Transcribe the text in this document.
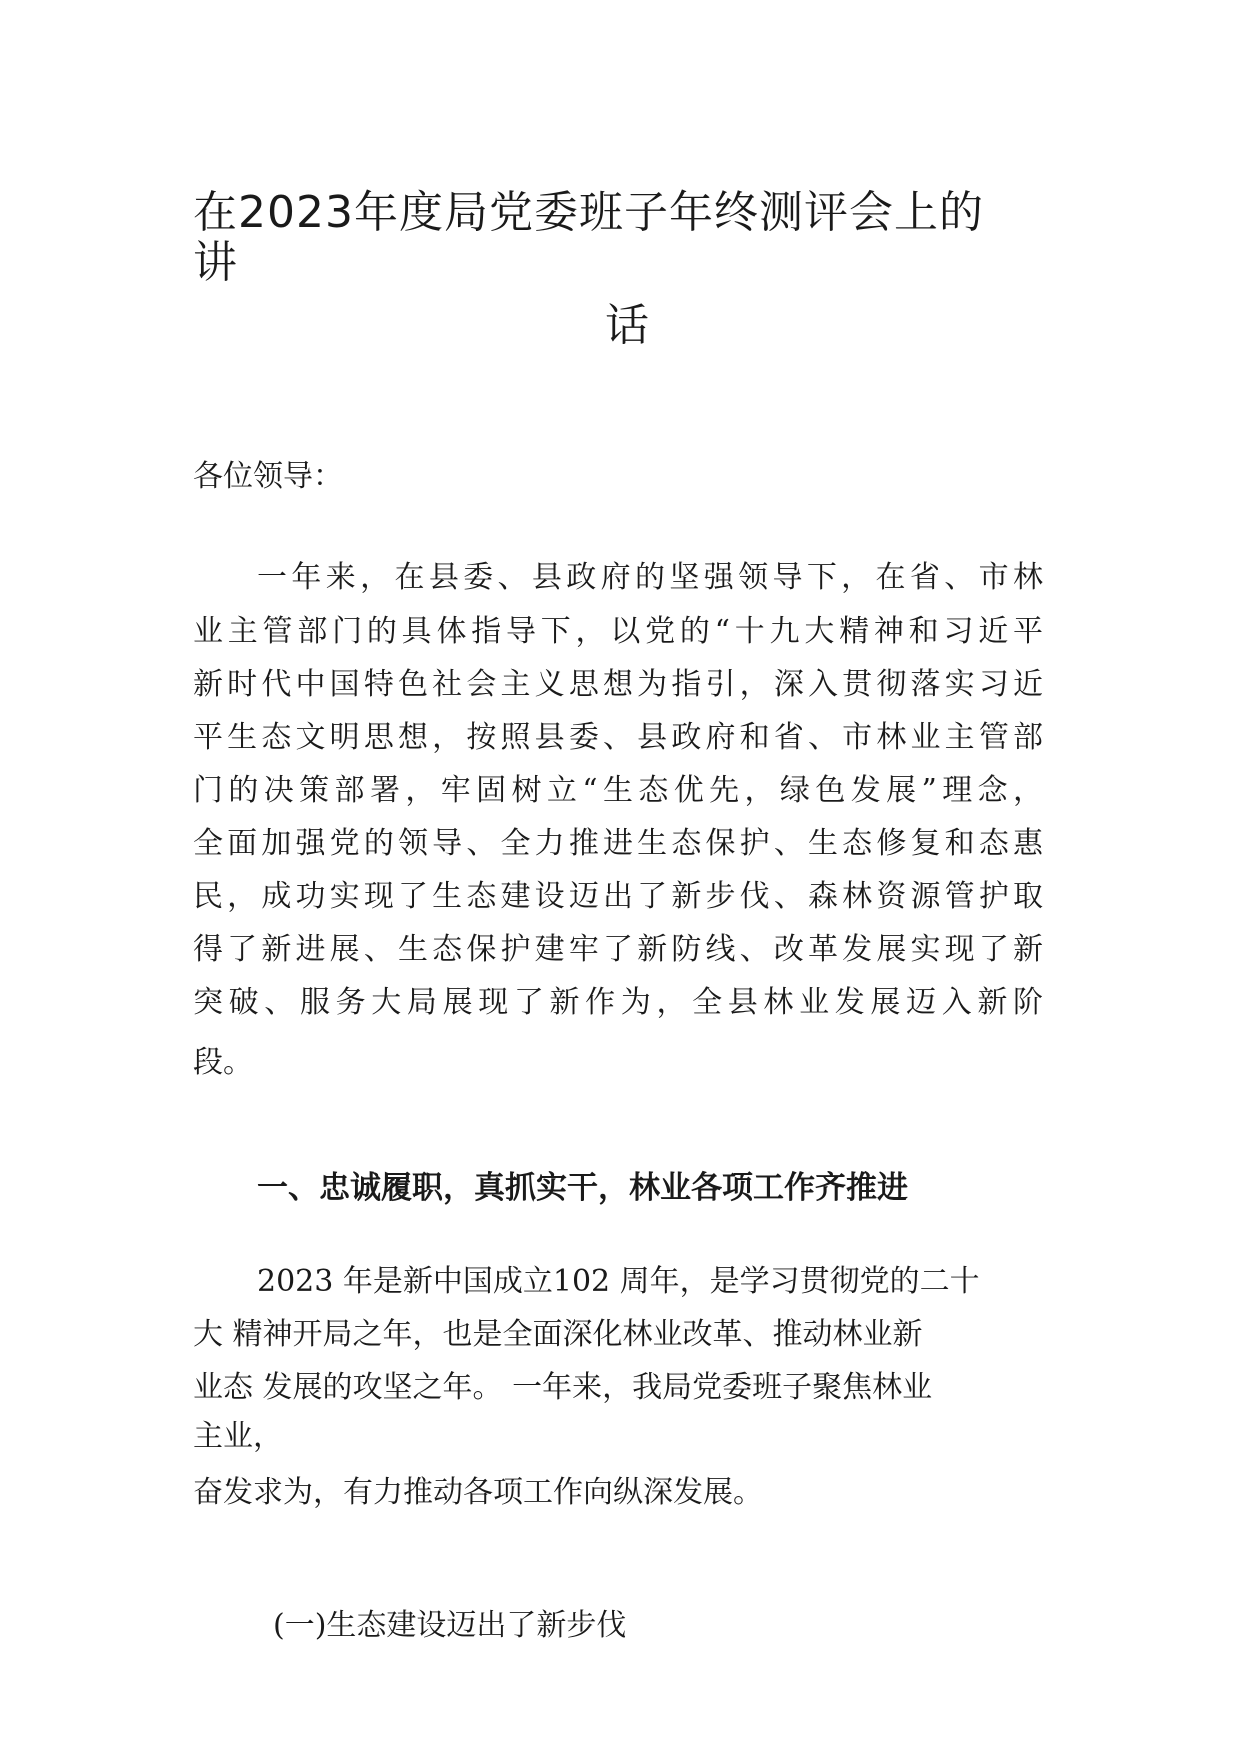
在2023年度局党委班子年终测评会上的
讲
话
各位领导：
一年来，在县委、县政府的坚强领导下，在省、市林
业主管部门的具体指导下，以党的“十九大精神和习近平
新时代中国特色社会主义思想为指引，深入贯彻落实习近
平生态文明思想，按照县委、县政府和省、市林业主管部
门的决策部署，牢固树立“生态优先，绿色发展”理念，
全面加强党的领导、全力推进生态保护、生态修复和态惠
民，成功实现了生态建设迈出了新步伐、森林资源管护取
得了新进展、生态保护建牢了新防线、改革发展实现了新
突破、服务大局展现了新作为，全县林业发展迈入新阶
段。
一、忠诚履职，真抓实干，林业各项工作齐推进
2023 年是新中国成立102 周年，是学习贯彻党的二十
大 精神开局之年，也是全面深化林业改革、推动林业新
业态 发展的攻坚之年。 一年来，我局党委班子聚焦林业
主业，
奋发求为，有力推动各项工作向纵深发展。
(一)生态建设迈出了新步伐
